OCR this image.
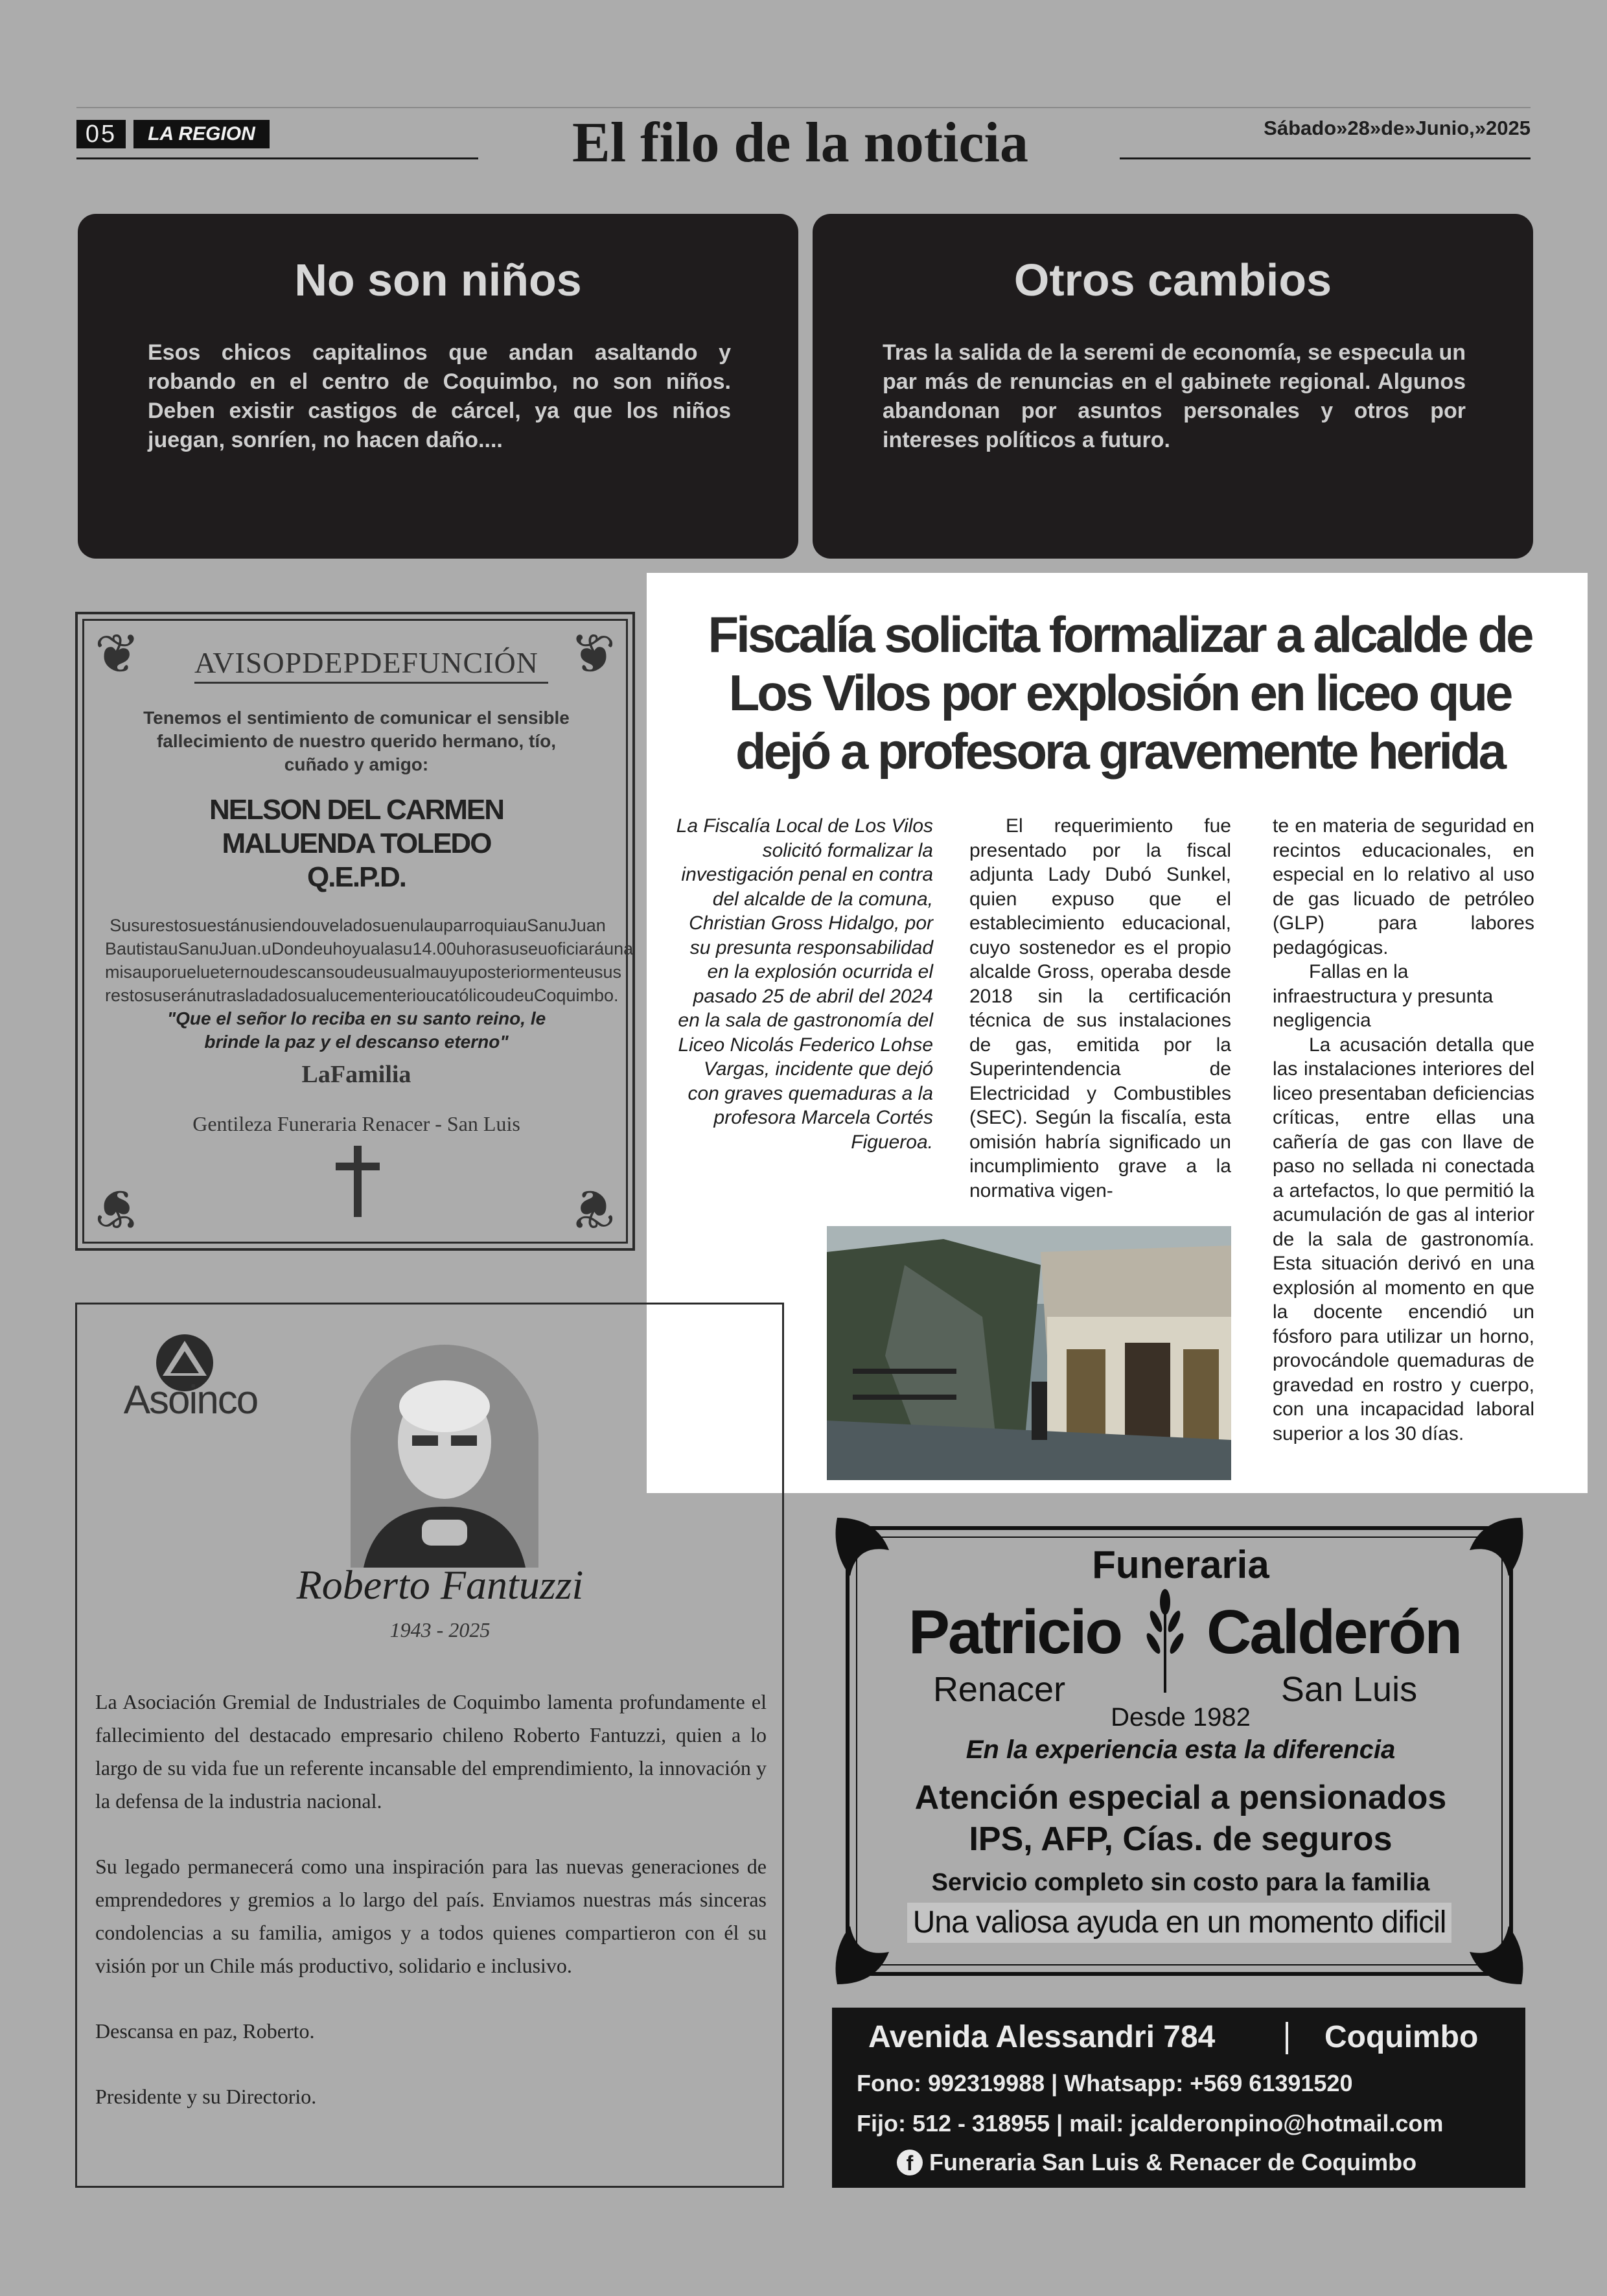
05	LA REGION	El filo de la noticia	Sábado»28»de»Junio,»2025
No son niños
Esos chicos capitalinos que andan asaltando y robando en el centro de Coquimbo, no son niños. Deben existir castigos de cárcel, ya que los niños juegan, sonríen, no hacen daño....
Otros cambios
Tras la salida de la seremi de economía, se especula un par más de renuncias en el gabinete regional. Algunos abandonan por asuntos personales y otros por intereses políticos a futuro.
❦	❦
❦	❦
AVISOPDEPDEFUNCIÓN
Tenemos el sentimiento de comunicar el sensible fallecimiento de nuestro querido hermano, tío, cuñado y amigo:
NELSON DEL CARMEN
MALUENDA TOLEDO
Q.E.P.D.
SusurestosuestánusiendouveladosuenulauparroquiauSanuJuan BautistauSanuJuan.uDondeuhoyualasu14.00uhorasuseuoficiaráuna misauporuelueternoudescansoudeusualmauyuposteriormenteusus restosuseránutrasladadosualucementerioucatólicoudeuCoquimbo.
"Que el señor lo reciba en su santo reino, le brinde la paz y el descanso eterno"
LaFamilia
Gentileza Funeraria Renacer - San Luis
Fiscalía solicita formalizar a alcalde de Los Vilos por explosión en liceo que dejó a profesora gravemente herida
La Fiscalía Local de Los Vilos solicitó formalizar la investigación penal en contra del alcalde de la comuna, Christian Gross Hidalgo, por su presunta responsabilidad en la explosión ocurrida el pasado 25 de abril del 2024 en la sala de gastronomía del Liceo Nicolás Federico Lohse Vargas, incidente que dejó con graves quemaduras a la profesora Marcela Cortés Figueroa.
El requerimiento fue presentado por la fiscal adjunta Lady Dubó Sunkel, quien expuso que el establecimiento educacional, cuyo sostenedor es el propio alcalde Gross, operaba desde 2018 sin la certificación técnica de sus instalaciones de gas, emitida por la Superintendencia de Electricidad y Combustibles (SEC). Según la fiscalía, esta omisión habría significado un incumplimiento grave a la normativa vigen-

te en materia de seguridad en recintos educacionales, en especial en lo relativo al uso de gas licuado de petróleo (GLP) para labores pedagógicas.

Fallas en la infraestructura y presunta negligencia

La acusación detalla que las instalaciones interiores del liceo presentaban deficiencias críticas, entre ellas una cañería de gas con llave de paso no sellada ni conectada a artefactos, lo que permitió la acumulación de gas al interior de la sala de gastronomía. Esta situación derivó en una explosión al momento en que la docente encendió un fósforo para utilizar un horno, provocándole quemaduras de gravedad en rostro y cuerpo, con una incapacidad laboral superior a los 30 días.

Asoinco
Roberto Fantuzzi
1943 - 2025

La Asociación Gremial de Industriales de Coquimbo lamenta profundamente el fallecimiento del destacado empresario chileno Roberto Fantuzzi, quien a lo largo de su vida fue un referente incansable del emprendimiento, la innovación y la defensa de la industria nacional.

Su legado permanecerá como una inspiración para las nuevas generaciones de emprendedores y gremios a lo largo del país. Enviamos nuestras más sinceras condolencias a su familia, amigos y a todos quienes compartieron con él su visión por un Chile más productivo, solidario e inclusivo.

Descansa en paz, Roberto.

Presidente y su Directorio.

Funeraria
Patricio Calderón
Renacer	San Luis
Desde 1982
En la experiencia esta la diferencia
Atención especial a pensionados
IPS, AFP, Cías. de seguros
Servicio completo sin costo para la familia
Una valiosa ayuda en un momento dificil
Avenida Alessandri 784	Coquimbo
Fono: 992319988 | Whatsapp: +569 61391520
Fijo: 512 - 318955 | mail: jcalderonpino@hotmail.com
f Funeraria San Luis & Renacer de Coquimbo
